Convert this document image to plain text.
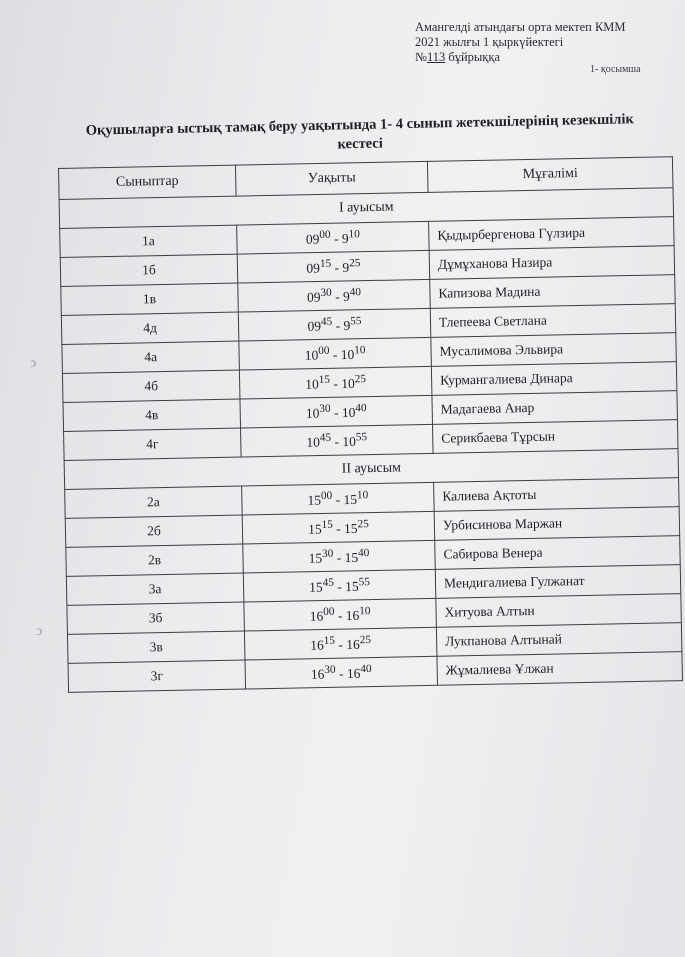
Амангелді атындағы орта мектеп КММ
2021 жылғы 1 қыркүйектегі
№113 бұйрыққа
1- қосымша
Оқушыларға ыстық тамақ беру уақытында 1- 4 сынып жетекшілерінің кезекшілік кестесі
ↄ
ↄ
Сыныптар	Уақыты	Мұғалімі
I ауысым		
1а	$09^{00} - 9^{10}$	Қыдырбергенова Гүлзира
1б	$09^{15} - 9^{25}$	Дұмұханова Назира
1в	$09^{30} - 9^{40}$	Капизова Мадина
4д	$09^{45} - 9^{55}$	Тлепеева Светлана
4а	$10^{00} - 10^{10}$	Мусалимова Эльвира
4б	$10^{15} - 10^{25}$	Курмангалиева Динара
4в	$10^{30} - 10^{40}$	Мадагаева Анар
4г	$10^{45} - 10^{55}$	Серикбаева Тұрсын
II ауысым		
2а	$15^{00} - 15^{10}$	Калиева Ақтоты
2б	$15^{15} - 15^{25}$	Урбисинова Маржан
2в	$15^{30} - 15^{40}$	Сабирова Венера
3а	$15^{45} - 15^{55}$	Мендигалиева Гулжанат
3б	$16^{00} - 16^{10}$	Хитуова Алтын
3в	$16^{15} - 16^{25}$	Лукпанова Алтынай
3г	$16^{30} - 16^{40}$	Жұмалиева Ұлжан
